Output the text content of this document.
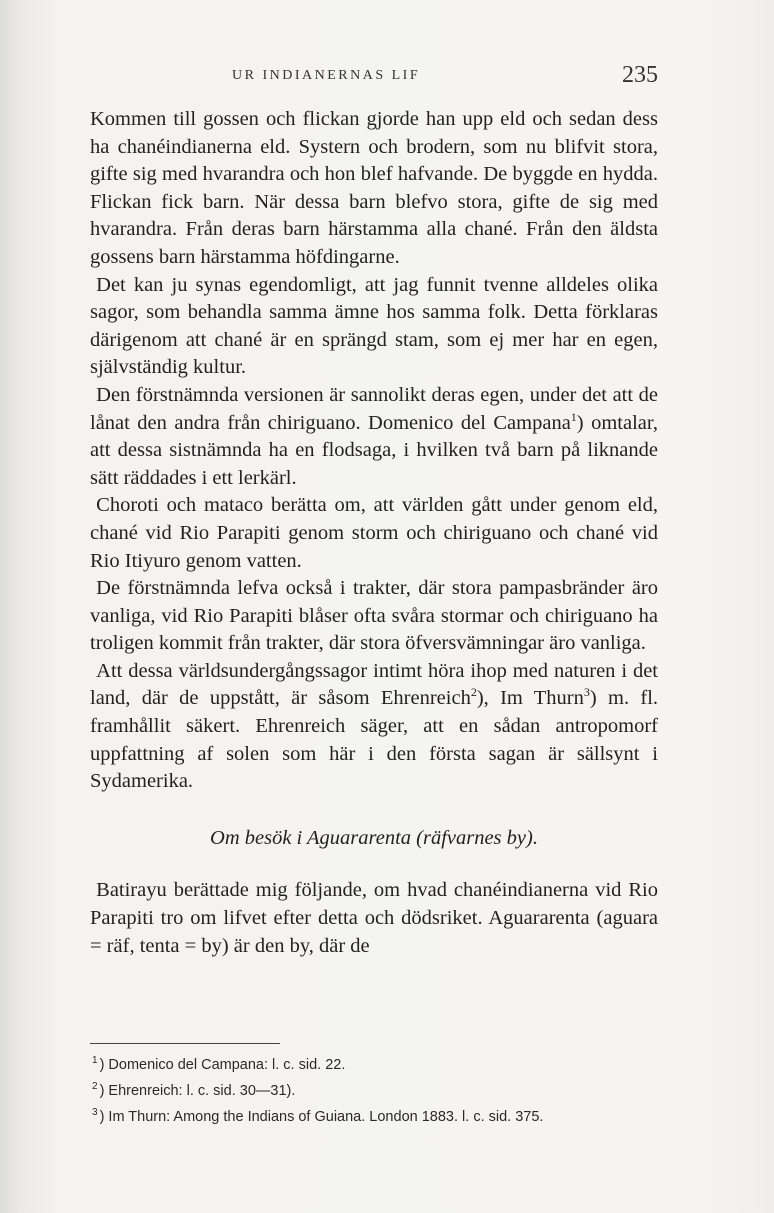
UR INDIANERNAS LIF	235

Kommen till gossen och flickan gjorde han upp eld och sedan dess ha chanéindianerna eld. Systern och brodern, som nu blifvit stora, gifte sig med hvarandra och hon blef hafvande. De byggde en hydda. Flickan fick barn. När dessa barn blefvo stora, gifte de sig med hvarandra. Från deras barn härstamma alla chané. Från den äldsta gossens barn härstamma höfdingarne.

Det kan ju synas egendomligt, att jag funnit tvenne alldeles olika sagor, som behandla samma ämne hos samma folk. Detta förklaras därigenom att chané är en sprängd stam, som ej mer har en egen, självständig kultur.

Den förstnämnda versionen är sannolikt deras egen, under det att de lånat den andra från chiriguano. Domenico del Campana$^1$) omtalar, att dessa sistnämnda ha en flodsaga, i hvilken två barn på liknande sätt räddades i ett lerkärl.

Choroti och mataco berätta om, att världen gått under genom eld, chané vid Rio Parapiti genom storm och chiriguano och chané vid Rio Itiyuro genom vatten.

De förstnämnda lefva också i trakter, där stora pampasbränder äro vanliga, vid Rio Parapiti blåser ofta svåra stormar och chiriguano ha troligen kommit från trakter, där stora öfversvämningar äro vanliga.

Att dessa världsundergångssagor intimt höra ihop med naturen i det land, där de uppstått, är såsom Ehrenreich$^2$), Im Thurn$^3$) m. fl. framhållit säkert. Ehrenreich säger, att en sådan antropomorf uppfattning af solen som här i den första sagan är sällsynt i Sydamerika.

Om besök i Aguararenta (räfvarnes by).

Batirayu berättade mig följande, om hvad chanéindianerna vid Rio Parapiti tro om lifvet efter detta och dödsriket. Aguararenta (aguara = räf, tenta = by) är den by, där de

$^1$ ) Domenico del Campana: l. c. sid. 22.
$^2$ ) Ehrenreich: l. c. sid. 30—31).
$^3$ ) Im Thurn: Among the Indians of Guiana. London 1883. l. c. sid. 375.
